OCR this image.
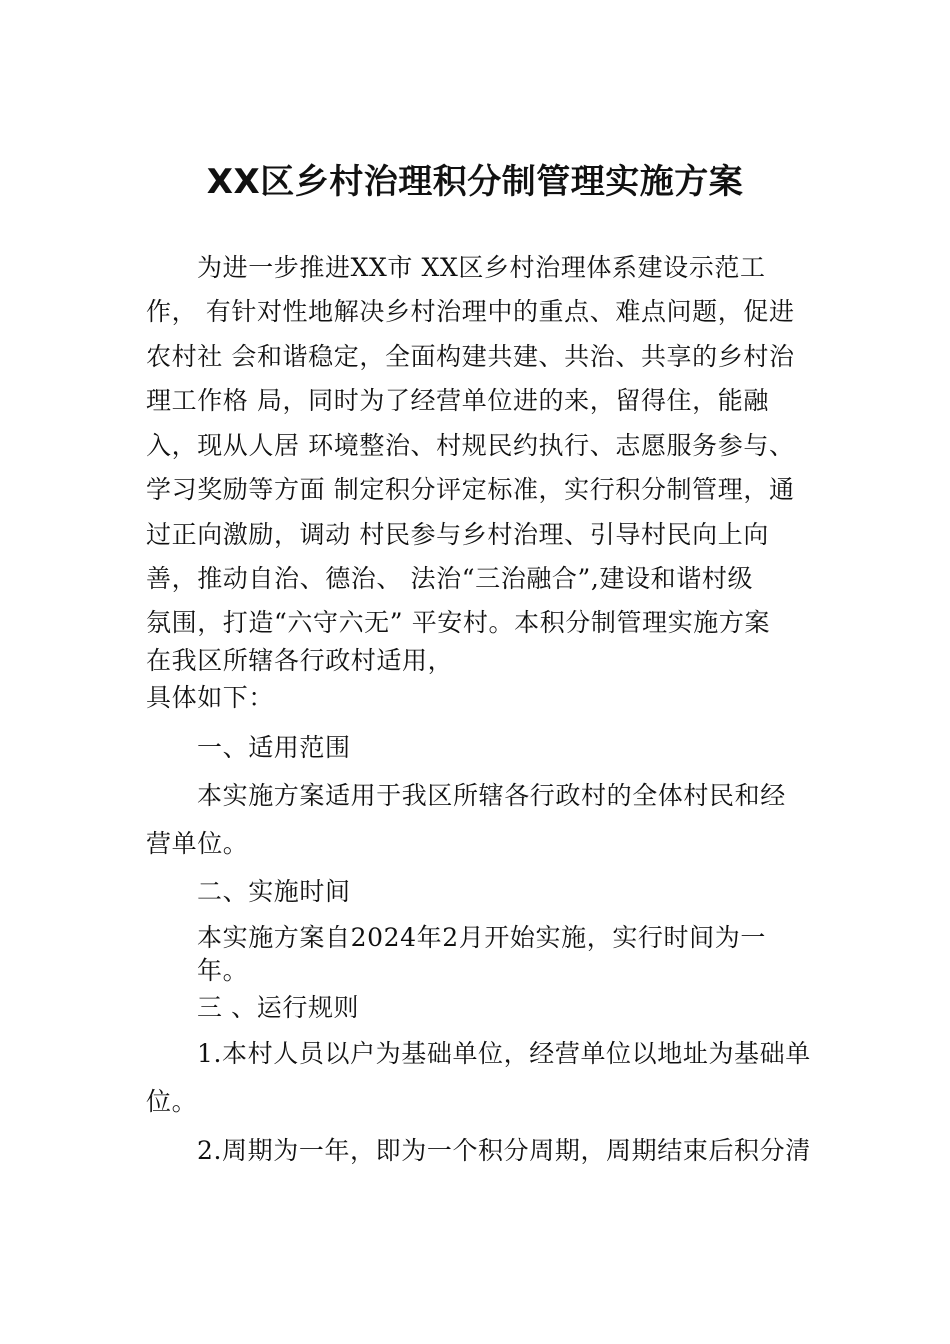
XX区乡村治理积分制管理实施方案
为进一步推进XX市 XX区乡村治理体系建设示范工
作， 有针对性地解决乡村治理中的重点、难点问题，促进
农村社 会和谐稳定，全面构建共建、共治、共享的乡村治
理工作格 局，同时为了经营单位进的来，留得住，能融
入，现从人居 环境整治、村规民约执行、志愿服务参与、
学习奖励等方面 制定积分评定标准，实行积分制管理，通
过正向激励，调动 村民参与乡村治理、引导村民向上向
善，推动自治、德治、 法治“三治融合”,建设和谐村级
氛围，打造“六守六无” 平安村。本积分制管理实施方案
在我区所辖各行政村适用，
具体如下：
一、适用范围
本实施方案适用于我区所辖各行政村的全体村民和经
营单位。
二、实施时间
本实施方案自2024年2月开始实施，实行时间为一
年。
三 、运行规则
1.本村人员以户为基础单位，经营单位以地址为基础单
位。
2.周期为一年，即为一个积分周期，周期结束后积分清
